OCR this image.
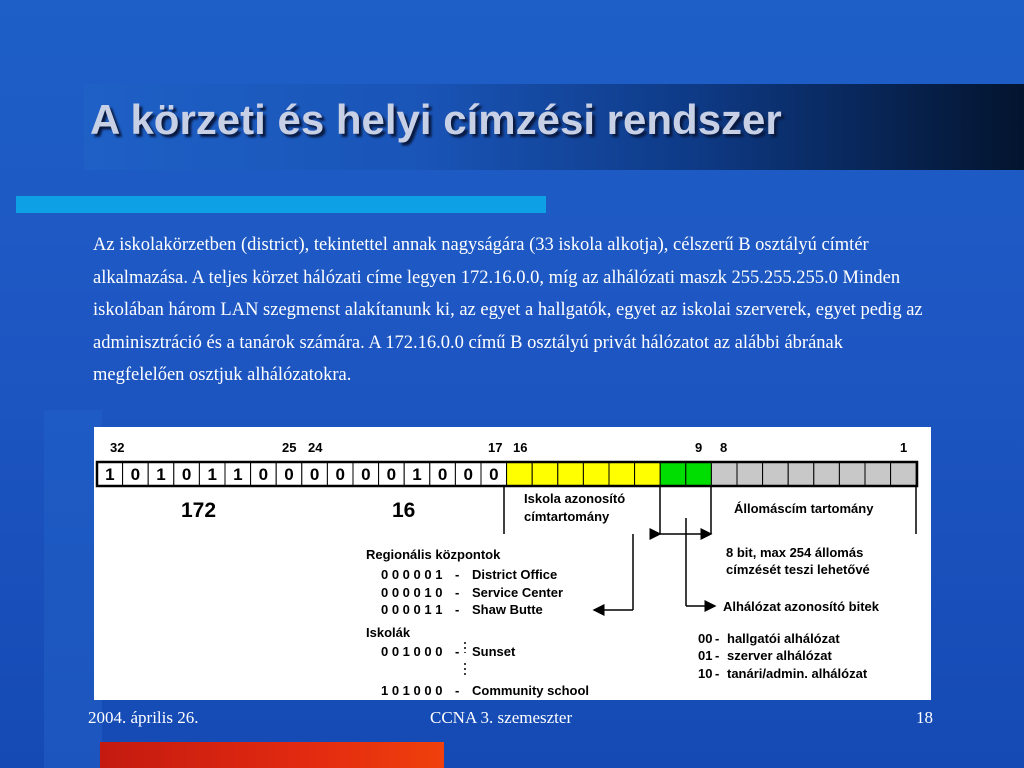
A körzeti és helyi címzési rendszer

Az iskolakörzetben (district), tekintettel annak nagyságára (33 iskola alkotja), célszerű B osztályú címtér alkalmazása. A teljes körzet hálózati címe legyen 172.16.0.0, míg az alhálózati maszk 255.255.255.0 Minden iskolában három LAN szegmenst alakítanunk ki, az egyet a hallgatók, egyet az iskolai szerverek, egyet pedig az adminisztráció és a tanárok számára. A 172.16.0.0 című B osztályú privát hálózatot az alábbi ábrának megfelelően osztjuk alhálózatokra.

32	25 24	17 16	9 8	1
1 0 1 0 1 1 0 0 0 0 0 0 1 0 0 0
172	16
Iskola azonosító
címtartomány
Állomáscím tartomány
8 bit, max 254 állomás
címzését teszi lehetővé
Alhálózat azonosító bitek
Regionális központok
0 0 0 0 0 1 - District Office
0 0 0 0 1 0 - Service Center
0 0 0 0 1 1 - Shaw Butte
Iskolák
0 0 1 0 0 0 - Sunset
1 0 1 0 0 0 - Community school
00 - hallgatói alhálózat
01 - szerver alhálózat
10 - tanári/admin. alhálózat
2004. április 26.	CCNA 3. szemeszter	18
